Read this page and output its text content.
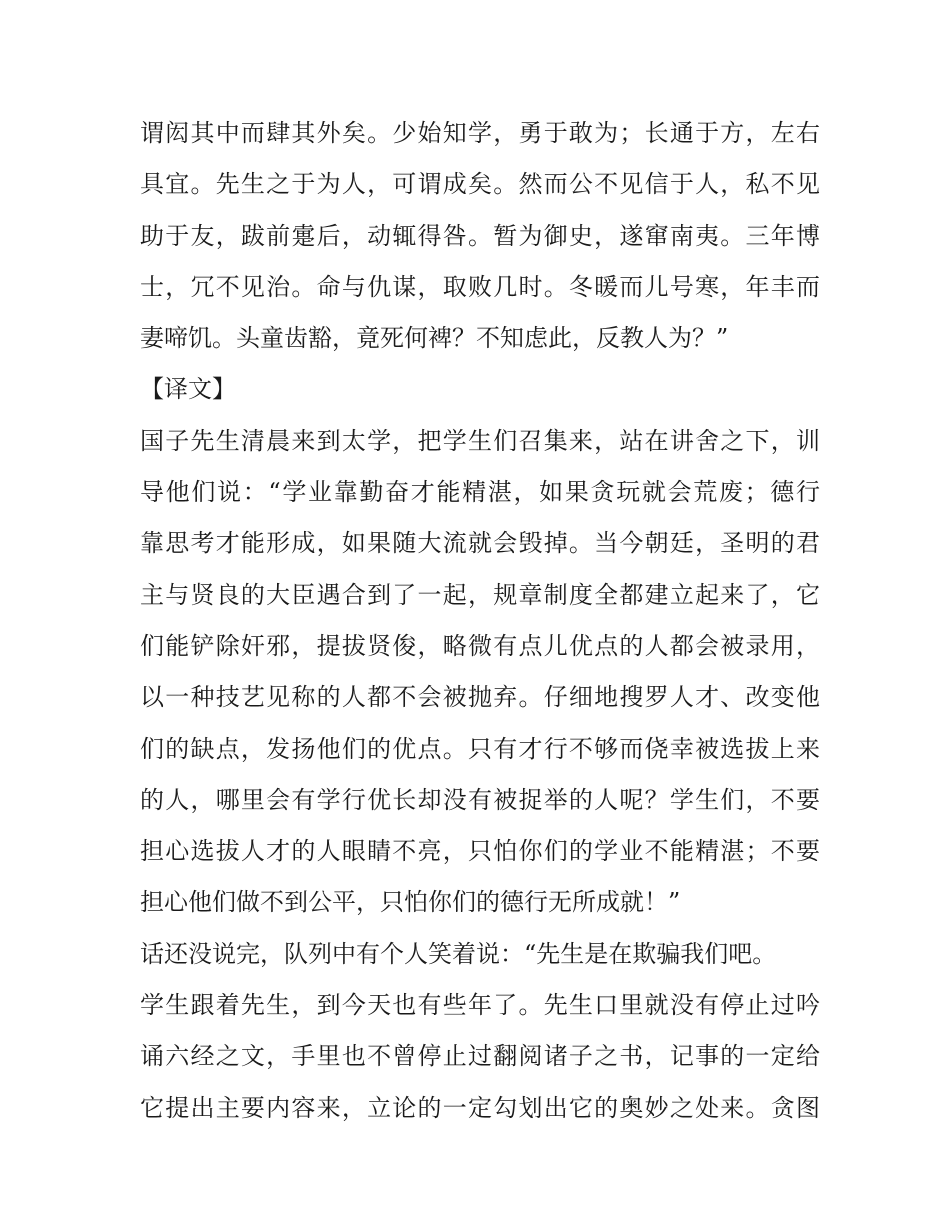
谓闳其中而肆其外矣。少始知学，勇于敢为；长通于方，左右
具宜。先生之于为人，可谓成矣。然而公不见信于人，私不见
助于友，跋前疐后，动辄得咎。暂为御史，遂窜南夷。三年博
士，冗不见治。命与仇谋，取败几时。冬暖而儿号寒，年丰而
妻啼饥。头童齿豁，竟死何裨？不知虑此，反教人为？”
【译文】
国子先生清晨来到太学，把学生们召集来，站在讲舍之下，训
导他们说：“学业靠勤奋才能精湛，如果贪玩就会荒废；德行
靠思考才能形成，如果随大流就会毁掉。当今朝廷，圣明的君
主与贤良的大臣遇合到了一起，规章制度全都建立起来了，它
们能铲除奸邪，提拔贤俊，略微有点儿优点的人都会被录用，
以一种技艺见称的人都不会被抛弃。仔细地搜罗人才、改变他
们的缺点，发扬他们的优点。只有才行不够而侥幸被选拔上来
的人，哪里会有学行优长却没有被捉举的人呢？学生们，不要
担心选拔人才的人眼睛不亮，只怕你们的学业不能精湛；不要
担心他们做不到公平，只怕你们的德行无所成就！”
话还没说完，队列中有个人笑着说：“先生是在欺骗我们吧。
学生跟着先生，到今天也有些年了。先生口里就没有停止过吟
诵六经之文，手里也不曾停止过翻阅诸子之书，记事的一定给
它提出主要内容来，立论的一定勾划出它的奥妙之处来。贪图
